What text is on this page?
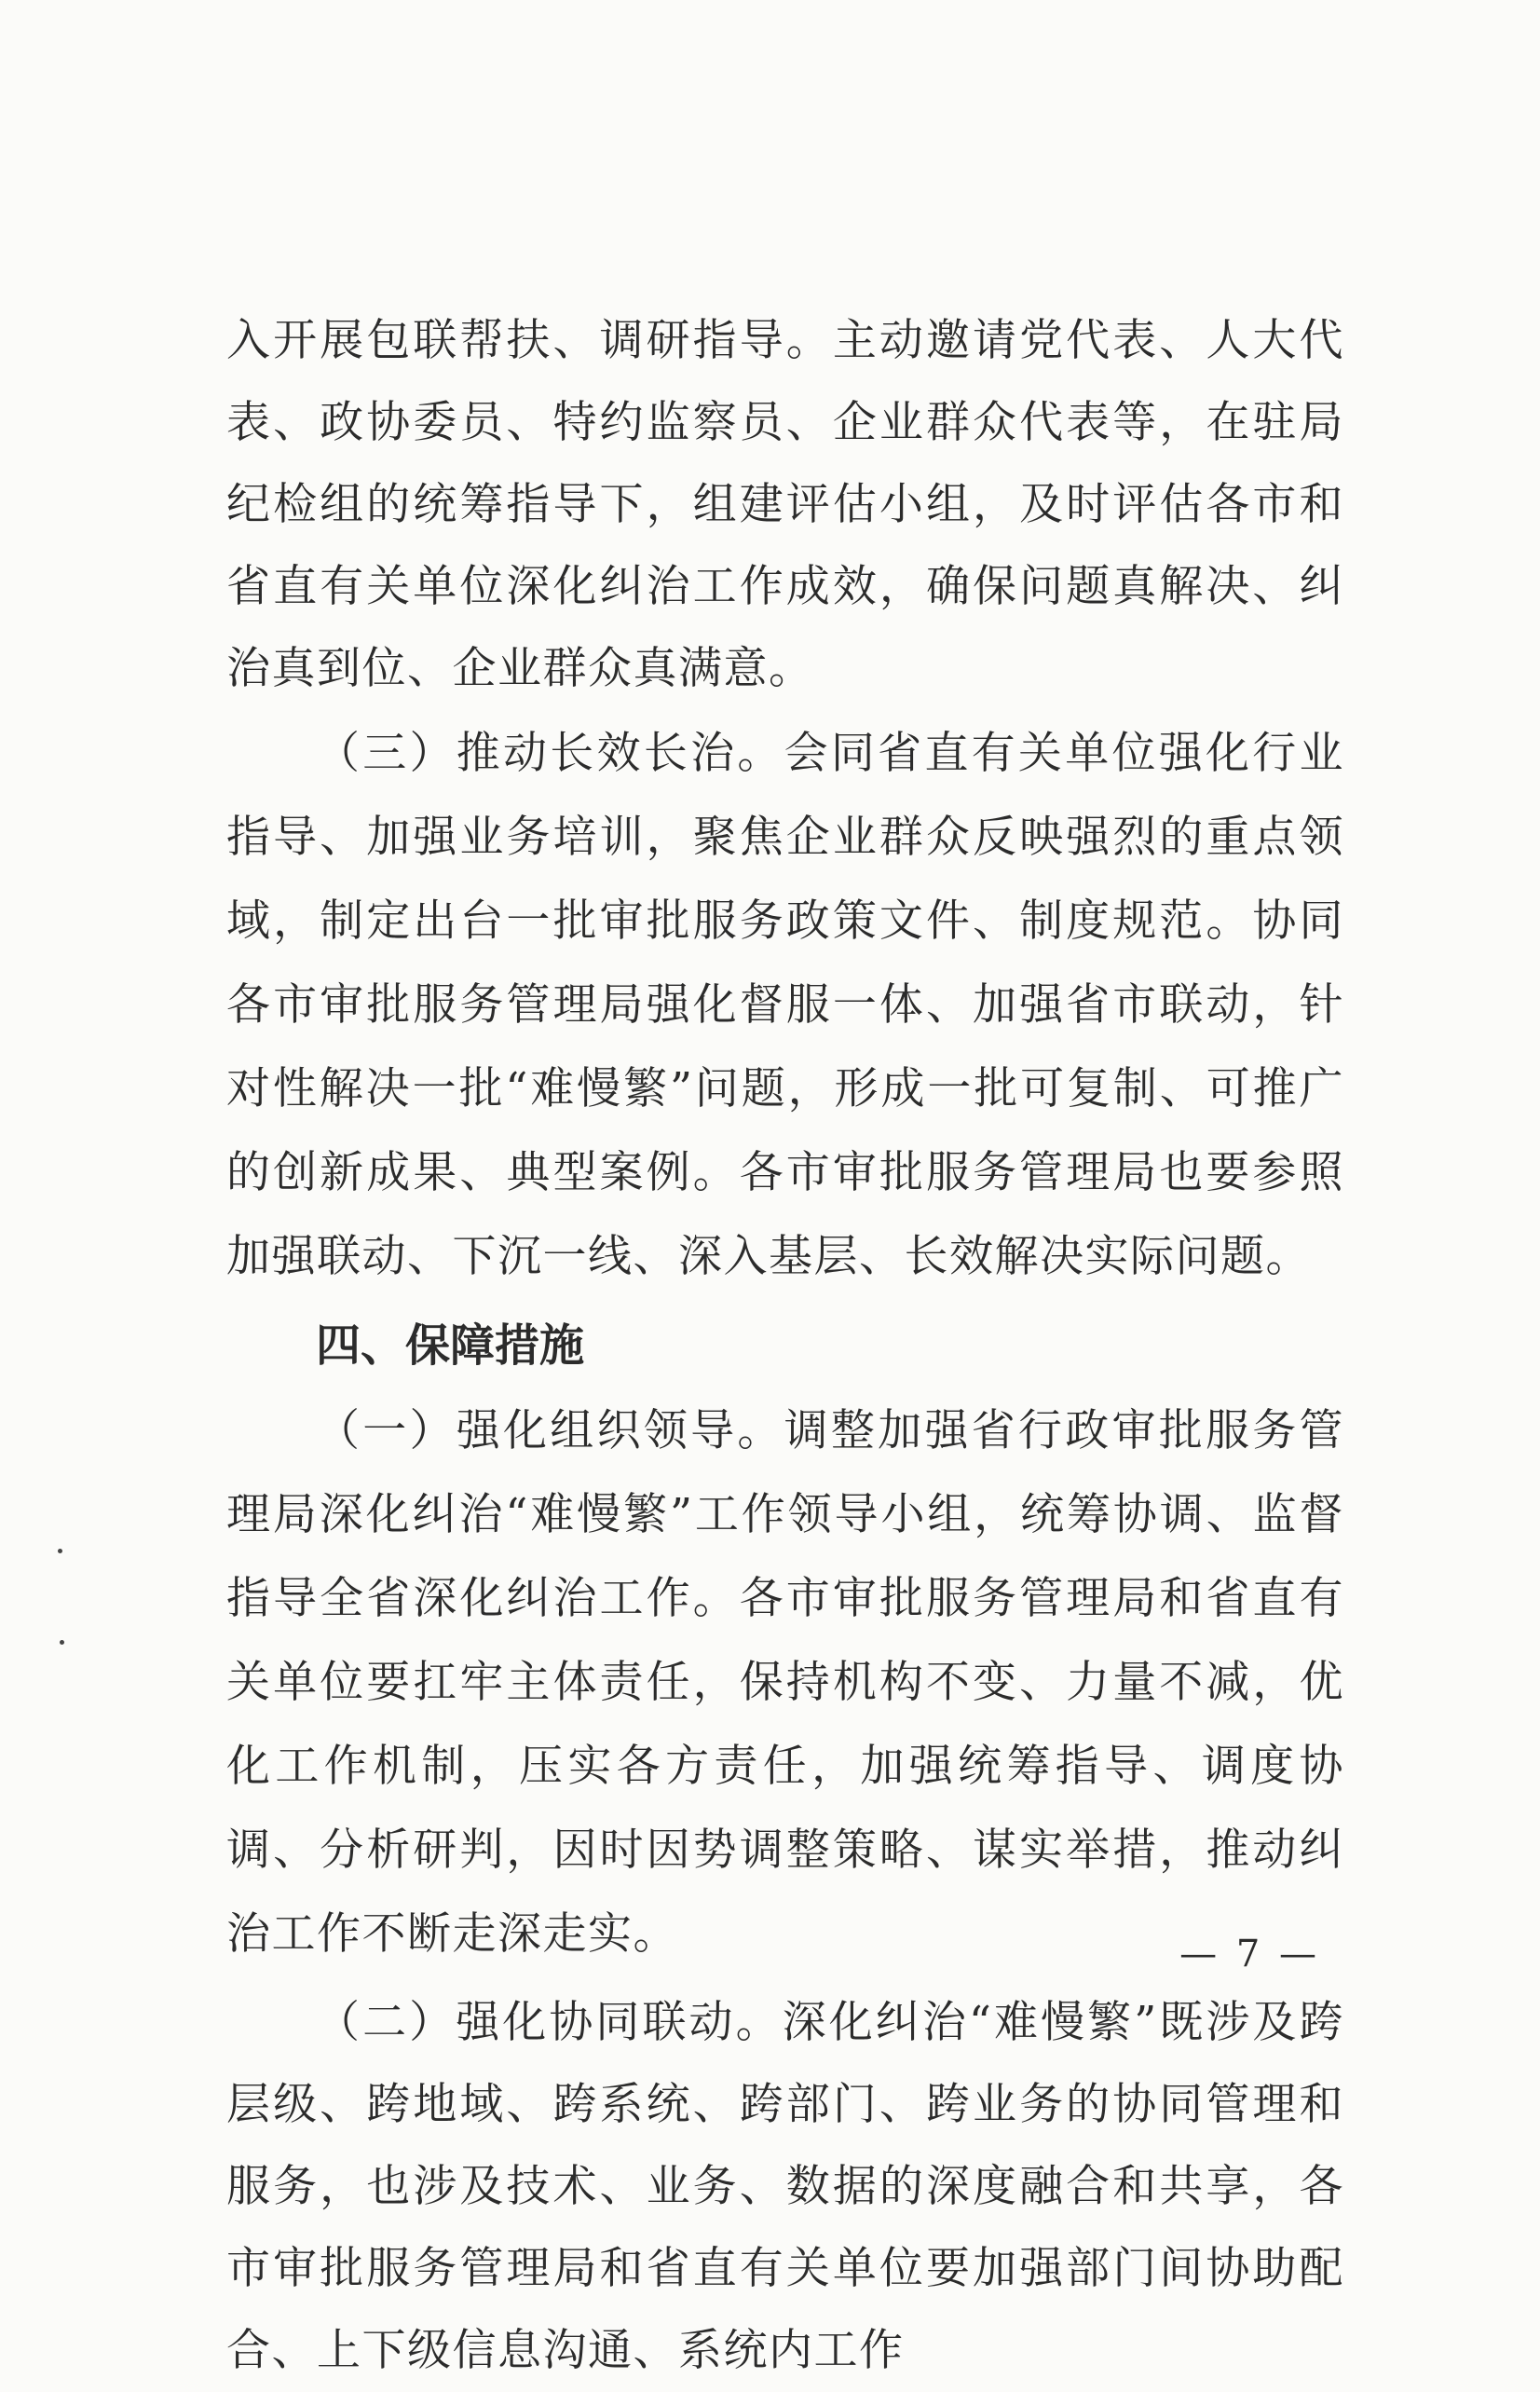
入开展包联帮扶、调研指导。主动邀请党代表、人大代表、政协委员、特约监察员、企业群众代表等，在驻局纪检组的统筹指导下，组建评估小组，及时评估各市和省直有关单位深化纠治工作成效，确保问题真解决、纠治真到位、企业群众真满意。

（三）推动长效长治。会同省直有关单位强化行业指导、加强业务培训，聚焦企业群众反映强烈的重点领域，制定出台一批审批服务政策文件、制度规范。协同各市审批服务管理局强化督服一体、加强省市联动，针对性解决一批“难慢繁”问题，形成一批可复制、可推广的创新成果、典型案例。各市审批服务管理局也要参照加强联动、下沉一线、深入基层、长效解决实际问题。

四、保障措施

（一）强化组织领导。调整加强省行政审批服务管理局深化纠治“难慢繁”工作领导小组，统筹协调、监督指导全省深化纠治工作。各市审批服务管理局和省直有关单位要扛牢主体责任，保持机构不变、力量不减，优化工作机制，压实各方责任，加强统筹指导、调度协调、分析研判，因时因势调整策略、谋实举措，推动纠治工作不断走深走实。

（二）强化协同联动。深化纠治“难慢繁”既涉及跨层级、跨地域、跨系统、跨部门、跨业务的协同管理和服务，也涉及技术、业务、数据的深度融合和共享，各市审批服务管理局和省直有关单位要加强部门间协助配合、上下级信息沟通、系统内工作

— 7 —
